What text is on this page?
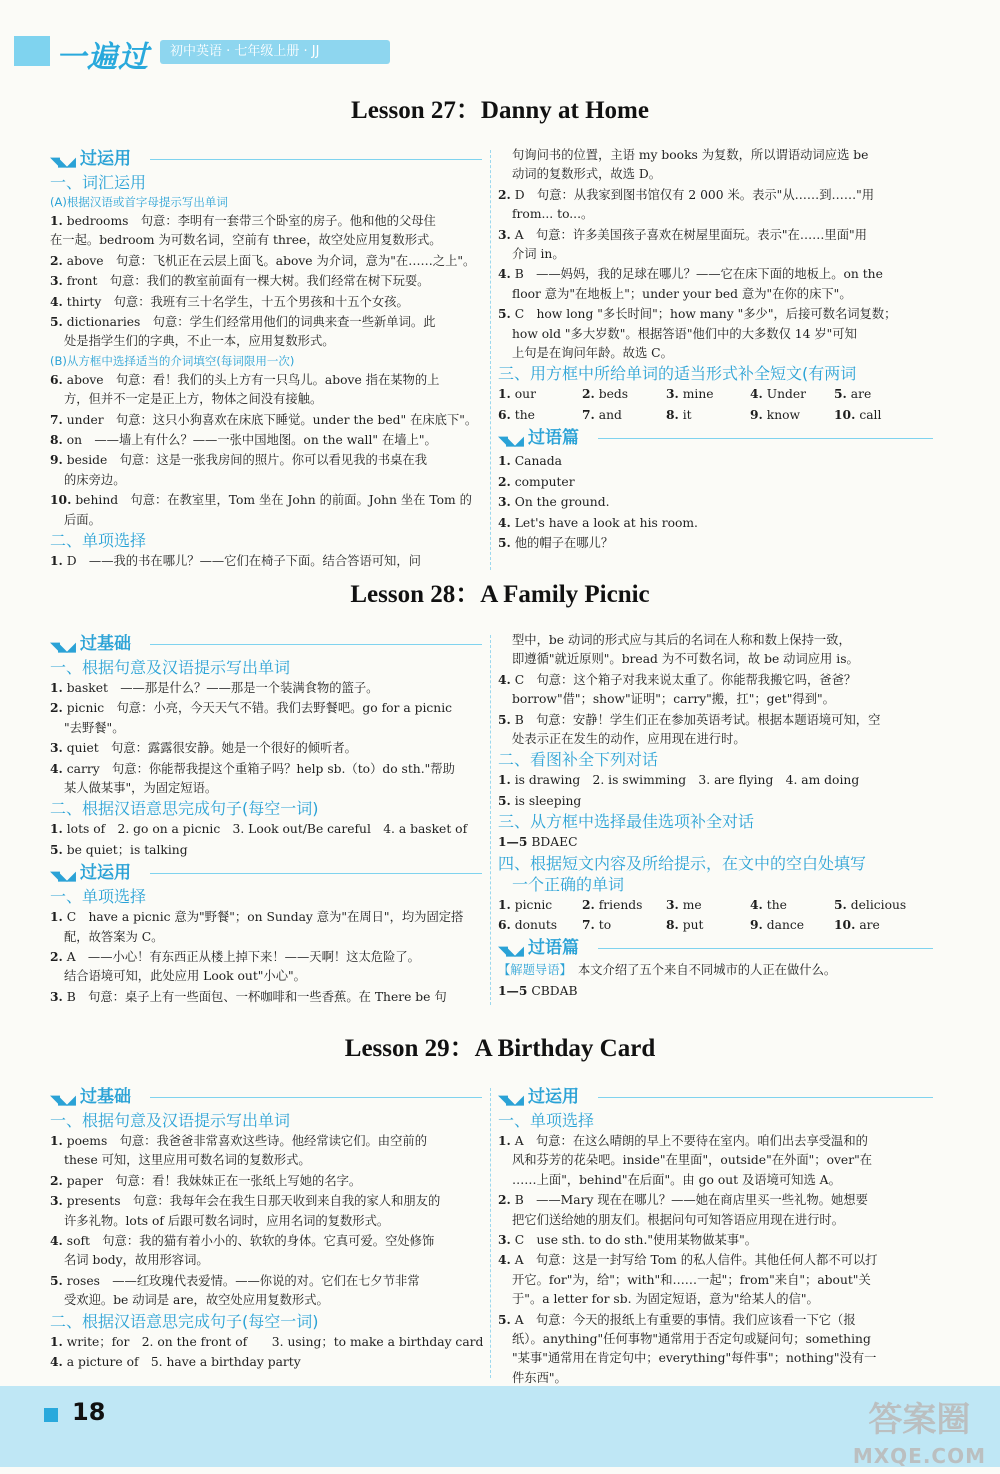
一遍过	初中英语 · 七年级上册 · JJ
Lesson 27：Danny at Home
◥◣◢ 过运用
一、词汇运用
(A)根据汉语或首字母提示写出单词
1. bedrooms　句意：李明有一套带三个卧室的房子。他和他的父母住
在一起。bedroom 为可数名词，空前有 three，故空处应用复数形式。
2. above　句意：飞机正在云层上面飞。above 为介词，意为"在……之上"。
3. front　句意：我们的教室前面有一棵大树。我们经常在树下玩耍。
4. thirty　句意：我班有三十名学生，十五个男孩和十五个女孩。
5. dictionaries　句意：学生们经常用他们的词典来查一些新单词。此
处是指学生们的字典，不止一本，应用复数形式。
(B)从方框中选择适当的介词填空(每词限用一次)
6. above　句意：看！我们的头上方有一只鸟儿。above 指在某物的上
方，但并不一定是正上方，物体之间没有接触。
7. under　句意：这只小狗喜欢在床底下睡觉。under the bed" 在床底下"。
8. on　——墙上有什么？——一张中国地图。on the wall" 在墙上"。
9. beside　句意：这是一张我房间的照片。你可以看见我的书桌在我
的床旁边。
10. behind　句意：在教室里，Tom 坐在 John 的前面。John 坐在 Tom 的
后面。
二、单项选择
1. D　——我的书在哪儿？——它们在椅子下面。结合答语可知，问
句询问书的位置，主语 my books 为复数，所以谓语动词应选 be
动词的复数形式，故选 D。
2. D　句意：从我家到图书馆仅有 2 000 米。表示"从……到……"用
from... to...。
3. A　句意：许多美国孩子喜欢在树屋里面玩。表示"在……里面"用
介词 in。
4. B　——妈妈，我的足球在哪儿？——它在床下面的地板上。on the
floor 意为"在地板上"；under your bed 意为"在你的床下"。
5. C　how long "多长时间"；how many "多少"，后接可数名词复数；
how old "多大岁数"。根据答语"他们中的大多数仅 14 岁"可知
上句是在询问年龄。故选 C。
三、用方框中所给单词的适当形式补全短文(有两词
1. our	2. beds	3. mine	4. Under	5. are
6. the	7. and	8. it	9. know	10. call
◥◣◢ 过语篇
1. Canada
2. computer
3. On the ground.
4. Let's have a look at his room.
5. 他的帽子在哪儿？
Lesson 28：A Family Picnic
◥◣◢ 过基础
一、根据句意及汉语提示写出单词
1. basket　——那是什么？——那是一个装满食物的篮子。
2. picnic　句意：小亮，今天天气不错。我们去野餐吧。go for a picnic
"去野餐"。
3. quiet　句意：露露很安静。她是一个很好的倾听者。
4. carry　句意：你能帮我提这个重箱子吗？help sb.（to）do sth."帮助
某人做某事"，为固定短语。
二、根据汉语意思完成句子(每空一词)
1. lots of　2. go on a picnic　3. Look out/Be careful　4. a basket of
5. be quiet；is talking
◥◣◢ 过运用
一、单项选择
1. C　have a picnic 意为"野餐"；on Sunday 意为"在周日"，均为固定搭
配，故答案为 C。
2. A　——小心！有东西正从楼上掉下来！——天啊！这太危险了。
结合语境可知，此处应用 Look out"小心"。
3. B　句意：桌子上有一些面包、一杯咖啡和一些香蕉。在 There be 句
型中，be 动词的形式应与其后的名词在人称和数上保持一致，
即遵循"就近原则"。bread 为不可数名词，故 be 动词应用 is。
4. C　句意：这个箱子对我来说太重了。你能帮我搬它吗，爸爸？
borrow"借"；show"证明"；carry"搬，扛"；get"得到"。
5. B　句意：安静！学生们正在参加英语考试。根据本题语境可知，空
处表示正在发生的动作，应用现在进行时。
二、看图补全下列对话
1. is drawing　2. is swimming　3. are flying　4. am doing
5. is sleeping
三、从方框中选择最佳选项补全对话
1—5 BDAEC
四、根据短文内容及所给提示，在文中的空白处填写
一个正确的单词
1. picnic	2. friends	3. me	4. the	5. delicious
6. donuts	7. to	8. put	9. dance	10. are
◥◣◢ 过语篇
【解题导语】　本文介绍了五个来自不同城市的人正在做什么。
1—5 CBDAB
Lesson 29：A Birthday Card
◥◣◢ 过基础
一、根据句意及汉语提示写出单词
1. poems　句意：我爸爸非常喜欢这些诗。他经常读它们。由空前的
these 可知，这里应用可数名词的复数形式。
2. paper　句意：看！我妹妹正在一张纸上写她的名字。
3. presents　句意：我每年会在我生日那天收到来自我的家人和朋友的
许多礼物。lots of 后跟可数名词时，应用名词的复数形式。
4. soft　句意：我的猫有着小小的、软软的身体。它真可爱。空处修饰
名词 body，故用形容词。
5. roses　——红玫瑰代表爱情。——你说的对。它们在七夕节非常
受欢迎。be 动词是 are，故空处应用复数形式。
二、根据汉语意思完成句子(每空一词)
1. write；for　2. on the front of　　3. using；to make a birthday card
4. a picture of　5. have a birthday party
◥◣◢ 过运用
一、单项选择
1. A　句意：在这么晴朗的早上不要待在室内。咱们出去享受温和的
风和芬芳的花朵吧。inside"在里面"，outside"在外面"；over"在
……上面"，behind"在后面"。由 go out 及语境可知选 A。
2. B　——Mary 现在在哪儿？——她在商店里买一些礼物。她想要
把它们送给她的朋友们。根据问句可知答语应用现在进行时。
3. C　use sth. to do sth."使用某物做某事"。
4. A　句意：这是一封写给 Tom 的私人信件。其他任何人都不可以打
开它。for"为，给"；with"和……一起"；from"来自"；about"关
于"。a letter for sb. 为固定短语，意为"给某人的信"。
5. A　句意：今天的报纸上有重要的事情。我们应该看一下它（报
纸）。anything"任何事物"通常用于否定句或疑问句；something
"某事"通常用在肯定句中；everything"每件事"；nothing"没有一
件东西"。
18	答案圈
MXQE.COM
